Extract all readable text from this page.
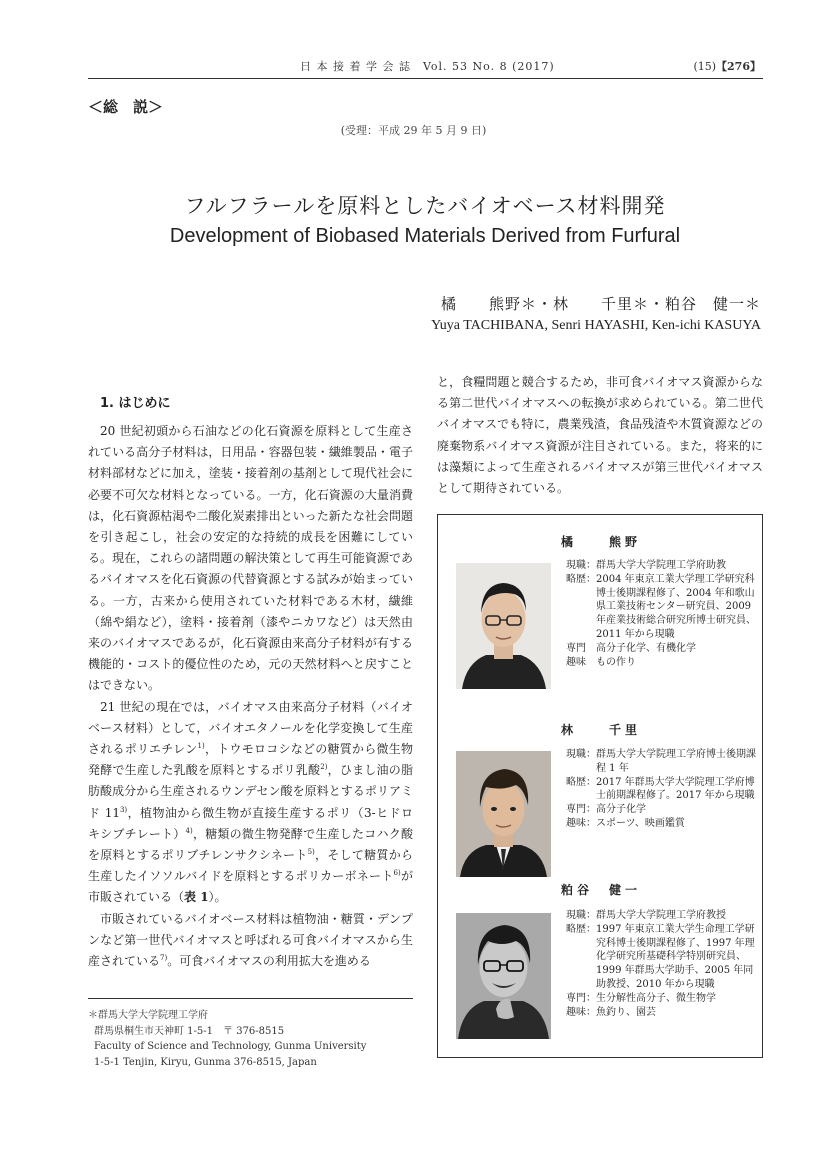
日 本 接 着 学 会 誌　Vol. 53 No. 8 (2017)	(15)【276】
＜総　説＞
(受理：平成 29 年 5 月 9 日)
フルフラールを原料としたバイオベース材料開発
Development of Biobased Materials Derived from Furfural
橘　　熊野＊・林　　千里＊・粕谷　健一＊
Yuya TACHIBANA, Senri HAYASHI, Ken-ichi KASUYA
1. はじめに

20 世紀初頭から石油などの化石資源を原料として生産されている高分子材料は，日用品・容器包装・繊維製品・電子材料部材などに加え，塗装・接着剤の基剤として現代社会に必要不可欠な材料となっている。一方，化石資源の大量消費は，化石資源枯渇や二酸化炭素排出といった新たな社会問題を引き起こし，社会の安定的な持続的成長を困難にしている。現在，これらの諸問題の解決策として再生可能資源であるバイオマスを化石資源の代替資源とする試みが始まっている。一方，古来から使用されていた材料である木材，繊維（綿や絹など），塗料・接着剤（漆やニカワなど）は天然由来のバイオマスであるが，化石資源由来高分子材料が有する機能的・コスト的優位性のため，元の天然材料へと戻すことはできない。

21 世紀の現在では，バイオマス由来高分子材料（バイオベース材料）として，バイオエタノールを化学変換して生産されるポリエチレン$^{1)}$，トウモロコシなどの糖質から微生物発酵で生産した乳酸を原料とするポリ乳酸$^{2)}$，ひまし油の脂肪酸成分から生産されるウンデセン酸を原料とするポリアミド 11$^{3)}$，植物油から微生物が直接生産するポリ（3-ヒドロキシブチレート）$^{4)}$，糖類の微生物発酵で生産したコハク酸を原料とするポリブチレンサクシネート$^{5)}$，そして糖質から生産したイソソルバイドを原料とするポリカーボネート$^{6)}$が市販されている（表 1）。

市販されているバイオベース材料は植物油・糖質・デンプンなど第一世代バイオマスと呼ばれる可食バイオマスから生産されている$^{7)}$。可食バイオマスの利用拡大を進める

と，食糧問題と競合するため，非可食バイオマス資源からなる第二世代バイオマスへの転換が求められている。第二世代バイオマスでも特に，農業残渣，食品残渣や木質資源などの廃棄物系バイオマス資源が注目されている。また，将来的には藻類によって生産されるバイオマスが第三世代バイオマスとして期待されている。

＊群馬大学大学院理工学府
群馬県桐生市天神町 1-5-1　〒 376-8515
Faculty of Science and Technology, Gunma University
1-5-1 Tenjin, Kiryu, Gunma 376-8515, Japan
橘　　熊野
現職： 群馬大学大学院理工学府助教
略歴： 2004 年東京工業大学理工学研究科博士後期課程修了、2004 年和歌山県工業技術センター研究員、2009 年産業技術総合研究所博士研究員、2011 年から現職
専門　 高分子化学、有機化学
趣味　 もの作り
林　　千里
現職： 群馬大学大学院理工学府博士後期課程 1 年
略歴： 2017 年群馬大学大学院理工学府博士前期課程修了。2017 年から現職
専門： 高分子化学
趣味： スポーツ、映画鑑賞
粕谷　健一
現職： 群馬大学大学院理工学府教授
略歴： 1997 年東京工業大学生命理工学研究科博士後期課程修了、1997 年理化学研究所基礎科学特別研究員、1999 年群馬大学助手、2005 年同助教授、2010 年から現職
専門： 生分解性高分子、微生物学
趣味： 魚釣り、園芸
